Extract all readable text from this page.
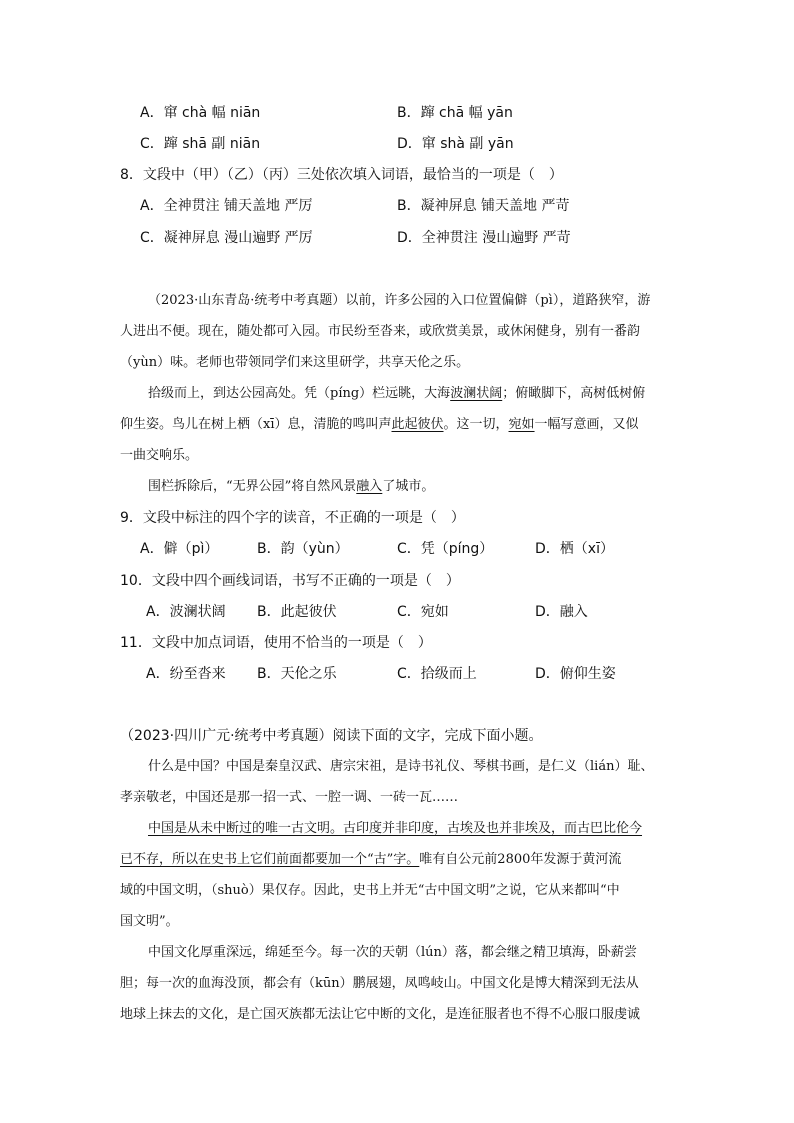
A．窜 chà 幅 niān	B．蹿 chā 幅 yān
C．蹿 shā 副 niān	D．窜 shà 副 yān
8．文段中（甲）（乙）（丙）三处依次填入词语，最恰当的一项是（　）
A．全神贯注 铺天盖地 严厉	B．凝神屏息 铺天盖地 严苛
C．凝神屏息 漫山遍野 严厉	D．全神贯注 漫山遍野 严苛
（2023·山东青岛·统考中考真题）以前，许多公园的入口位置偏僻（pì），道路狭窄，游
人进出不便。现在，随处都可入园。市民纷至沓来，或欣赏美景，或休闲健身，别有一番韵
（yùn）味。老师也带领同学们来这里研学，共享天伦之乐。
拾级而上，到达公园高处。凭（píng）栏远眺，大海波澜状阔；俯瞰脚下，高树低树俯
仰生姿。鸟儿在树上栖（xī）息，清脆的鸣叫声此起彼伏。这一切，宛如一幅写意画，又似
一曲交响乐。
围栏拆除后，“无界公园”将自然风景融入了城市。
9．文段中标注的四个字的读音，不正确的一项是（　）
A．僻（pì）	B．韵（yùn）	C．凭（píng）	D．栖（xī）
10．文段中四个画线词语，书写不正确的一项是（　）
A．波澜状阔 B．此起彼伏	C．宛如	D．融入
11．文段中加点词语，使用不恰当的一项是（　）
A．纷至沓来 B．天伦之乐	C．拾级而上	D．俯仰生姿
（2023·四川广元·统考中考真题）阅读下面的文字，完成下面小题。
什么是中国？中国是秦皇汉武、唐宗宋祖，是诗书礼仪、琴棋书画，是仁义（lián）耻、
孝亲敬老，中国还是那一招一式、一腔一调、一砖一瓦……
中国是从未中断过的唯一古文明。古印度并非印度，古埃及也并非埃及，而古巴比伦今
已不存，所以在史书上它们前面都要加一个“古”字。唯有自公元前2800年发源于黄河流
域的中国文明，（shuò）果仅存。因此，史书上并无“古中国文明”之说，它从来都叫“中
国文明”。
中国文化厚重深远，绵延至今。每一次的天朝（lún）落，都会继之精卫填海，卧薪尝
胆；每一次的血海没顶，都会有（kūn）鹏展翅，凤鸣岐山。中国文化是博大精深到无法从
地球上抹去的文化，是亡国灭族都无法让它中断的文化，是连征服者也不得不心服口服虔诚
